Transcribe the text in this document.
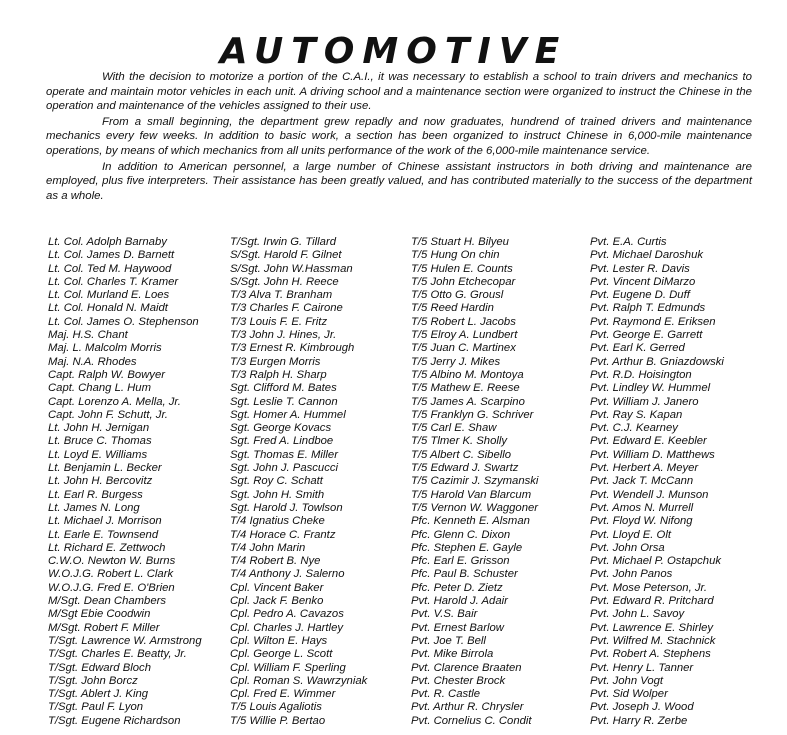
AUTOMOTIVE

With the decision to motorize a portion of the C.A.I., it was necessary to establish a school to train drivers and mechanics to operate and maintain motor vehicles in each unit. A driving school and a maintenance section were organized to instruct the Chinese in the operation and maintenance of the vehicles assigned to their use.

From a small beginning, the department grew repadly and now graduates, hundrend of trained drivers and maintenance mechanics every few weeks. In addition to basic work, a section has been organized to instruct Chinese in 6,000-mile maintenance operations, by means of which mechanics from all units performance of the work of the 6,000-mile maintenance service.

In addition to American personnel, a large number of Chinese assistant instructors in both driving and maintenance are employed, plus five interpreters. Their assistance has been greatly valued, and has contributed materially to the success of the department as a whole.

Lt. Col. Adolph Barnaby
Lt. Col. James D. Barnett
Lt. Col. Ted M. Haywood
Lt. Col. Charles T. Kramer
Lt. Col. Murland E. Loes
Lt. Col. Honald N. Maidt
Lt. Col. James O. Stephenson
Maj. H.S. Chant
Maj. L. Malcolm Morris
Maj. N.A. Rhodes
Capt. Ralph W. Bowyer
Capt. Chang L. Hum
Capt. Lorenzo A. Mella, Jr.
Capt. John F. Schutt, Jr.
Lt. John H. Jernigan
Lt. Bruce C. Thomas
Lt. Loyd E. Williams
Lt. Benjamin L. Becker
Lt. John H. Bercovitz
Lt. Earl R. Burgess
Lt. James N. Long
Lt. Michael J. Morrison
Lt. Earle E. Townsend
Lt. Richard E. Zettwoch
C.W.O. Newton W. Burns
W.O.J.G. Robert L. Clark
W.O.J.G. Fred E. O'Brien
M/Sgt. Dean Chambers
M/Sgt Ebie Coodwin
M/Sgt. Robert F. Miller
T/Sgt. Lawrence W. Armstrong
T/Sgt. Charles E. Beatty, Jr.
T/Sgt. Edward Bloch
T/Sgt. John Borcz
T/Sgt. Ablert J. King
T/Sgt. Paul F. Lyon
T/Sgt. Eugene Richardson
T/Sgt. Irwin G. Tillard
S/Sgt. Harold F. Gilnet
S/Sgt. John W.Hassman
S/Sgt. John H. Reece
T/3 Alva T. Branham
T/3 Charles F. Cairone
T/3 Louis F. E. Fritz
T/3 John J. Hines, Jr.
T/3 Ernest R. Kimbrough
T/3 Eurgen Morris
T/3 Ralph H. Sharp
Sgt. Clifford M. Bates
Sgt. Leslie T. Cannon
Sgt. Homer A. Hummel
Sgt. George Kovacs
Sgt. Fred A. Lindboe
Sgt. Thomas E. Miller
Sgt. John J. Pascucci
Sgt. Roy C. Schatt
Sgt. John H. Smith
Sgt. Harold J. Towlson
T/4 Ignatius Cheke
T/4 Horace C. Frantz
T/4 John Marin
T/4 Robert B. Nye
T/4 Anthony J. Salerno
Cpl. Vincent Baker
Cpl. Jack F. Benko
Cpl. Pedro A. Cavazos
Cpl. Charles J. Hartley
Cpl. Wilton E. Hays
Cpl. George L. Scott
Cpl. William F. Sperling
Cpl. Roman S. Wawrzyniak
Cpl. Fred E. Wimmer
T/5 Louis Agaliotis
T/5 Willie P. Bertao
T/5 Stuart H. Bilyeu
T/5 Hung On chin
T/5 Hulen E. Counts
T/5 John Etchecopar
T/5 Otto G. Grousl
T/5 Reed Hardin
T/5 Robert L. Jacobs
T/5 Elroy A. Lundbert
T/5 Juan C. Martinex
T/5 Jerry J. Mikes
T/5 Albino M. Montoya
T/5 Mathew E. Reese
T/5 James A. Scarpino
T/5 Franklyn G. Schriver
T/5 Carl E. Shaw
T/5 Tlmer K. Sholly
T/5 Albert C. Sibello
T/5 Edward J. Swartz
T/5 Cazimir J. Szymanski
T/5 Harold Van Blarcum
T/5 Vernon W. Waggoner
Pfc. Kenneth E. Alsman
Pfc. Glenn C. Dixon
Pfc. Stephen E. Gayle
Pfc. Earl E. Grisson
Pfc. Paul B. Schuster
Pfc. Peter D. Zietz
Pvt. Harold J. Adair
Pvt. V.S. Bair
Pvt. Ernest Barlow
Pvt. Joe T. Bell
Pvt. Mike Birrola
Pvt. Clarence Braaten
Pvt. Chester Brock
Pvt. R. Castle
Pvt. Arthur R. Chrysler
Pvt. Cornelius C. Condit
Pvt. E.A. Curtis
Pvt. Michael Daroshuk
Pvt. Lester R. Davis
Pvt. Vincent DiMarzo
Pvt. Eugene D. Duff
Pvt. Ralph T. Edmunds
Pvt. Raymond E. Eriksen
Pvt. George E. Garrett
Pvt. Earl K. Gerred
Pvt. Arthur B. Gniazdowski
Pvt. R.D. Hoisington
Pvt. Lindley W. Hummel
Pvt. William J. Janero
Pvt. Ray S. Kapan
Pvt. C.J. Kearney
Pvt. Edward E. Keebler
Pvt. William D. Matthews
Pvt. Herbert A. Meyer
Pvt. Jack T. McCann
Pvt. Wendell J. Munson
Pvt. Amos N. Murrell
Pvt. Floyd W. Nifong
Pvt. Lloyd E. Olt
Pvt. John Orsa
Pvt. Michael P. Ostapchuk
Pvt. John Panos
Pvt. Mose Peterson, Jr.
Pvt. Edward R. Pritchard
Pvt. John L. Savoy
Pvt. Lawrence E. Shirley
Pvt. Wilfred M. Stachnick
Pvt. Robert A. Stephens
Pvt. Henry L. Tanner
Pvt. John Vogt
Pvt. Sid Wolper
Pvt. Joseph J. Wood
Pvt. Harry R. Zerbe
